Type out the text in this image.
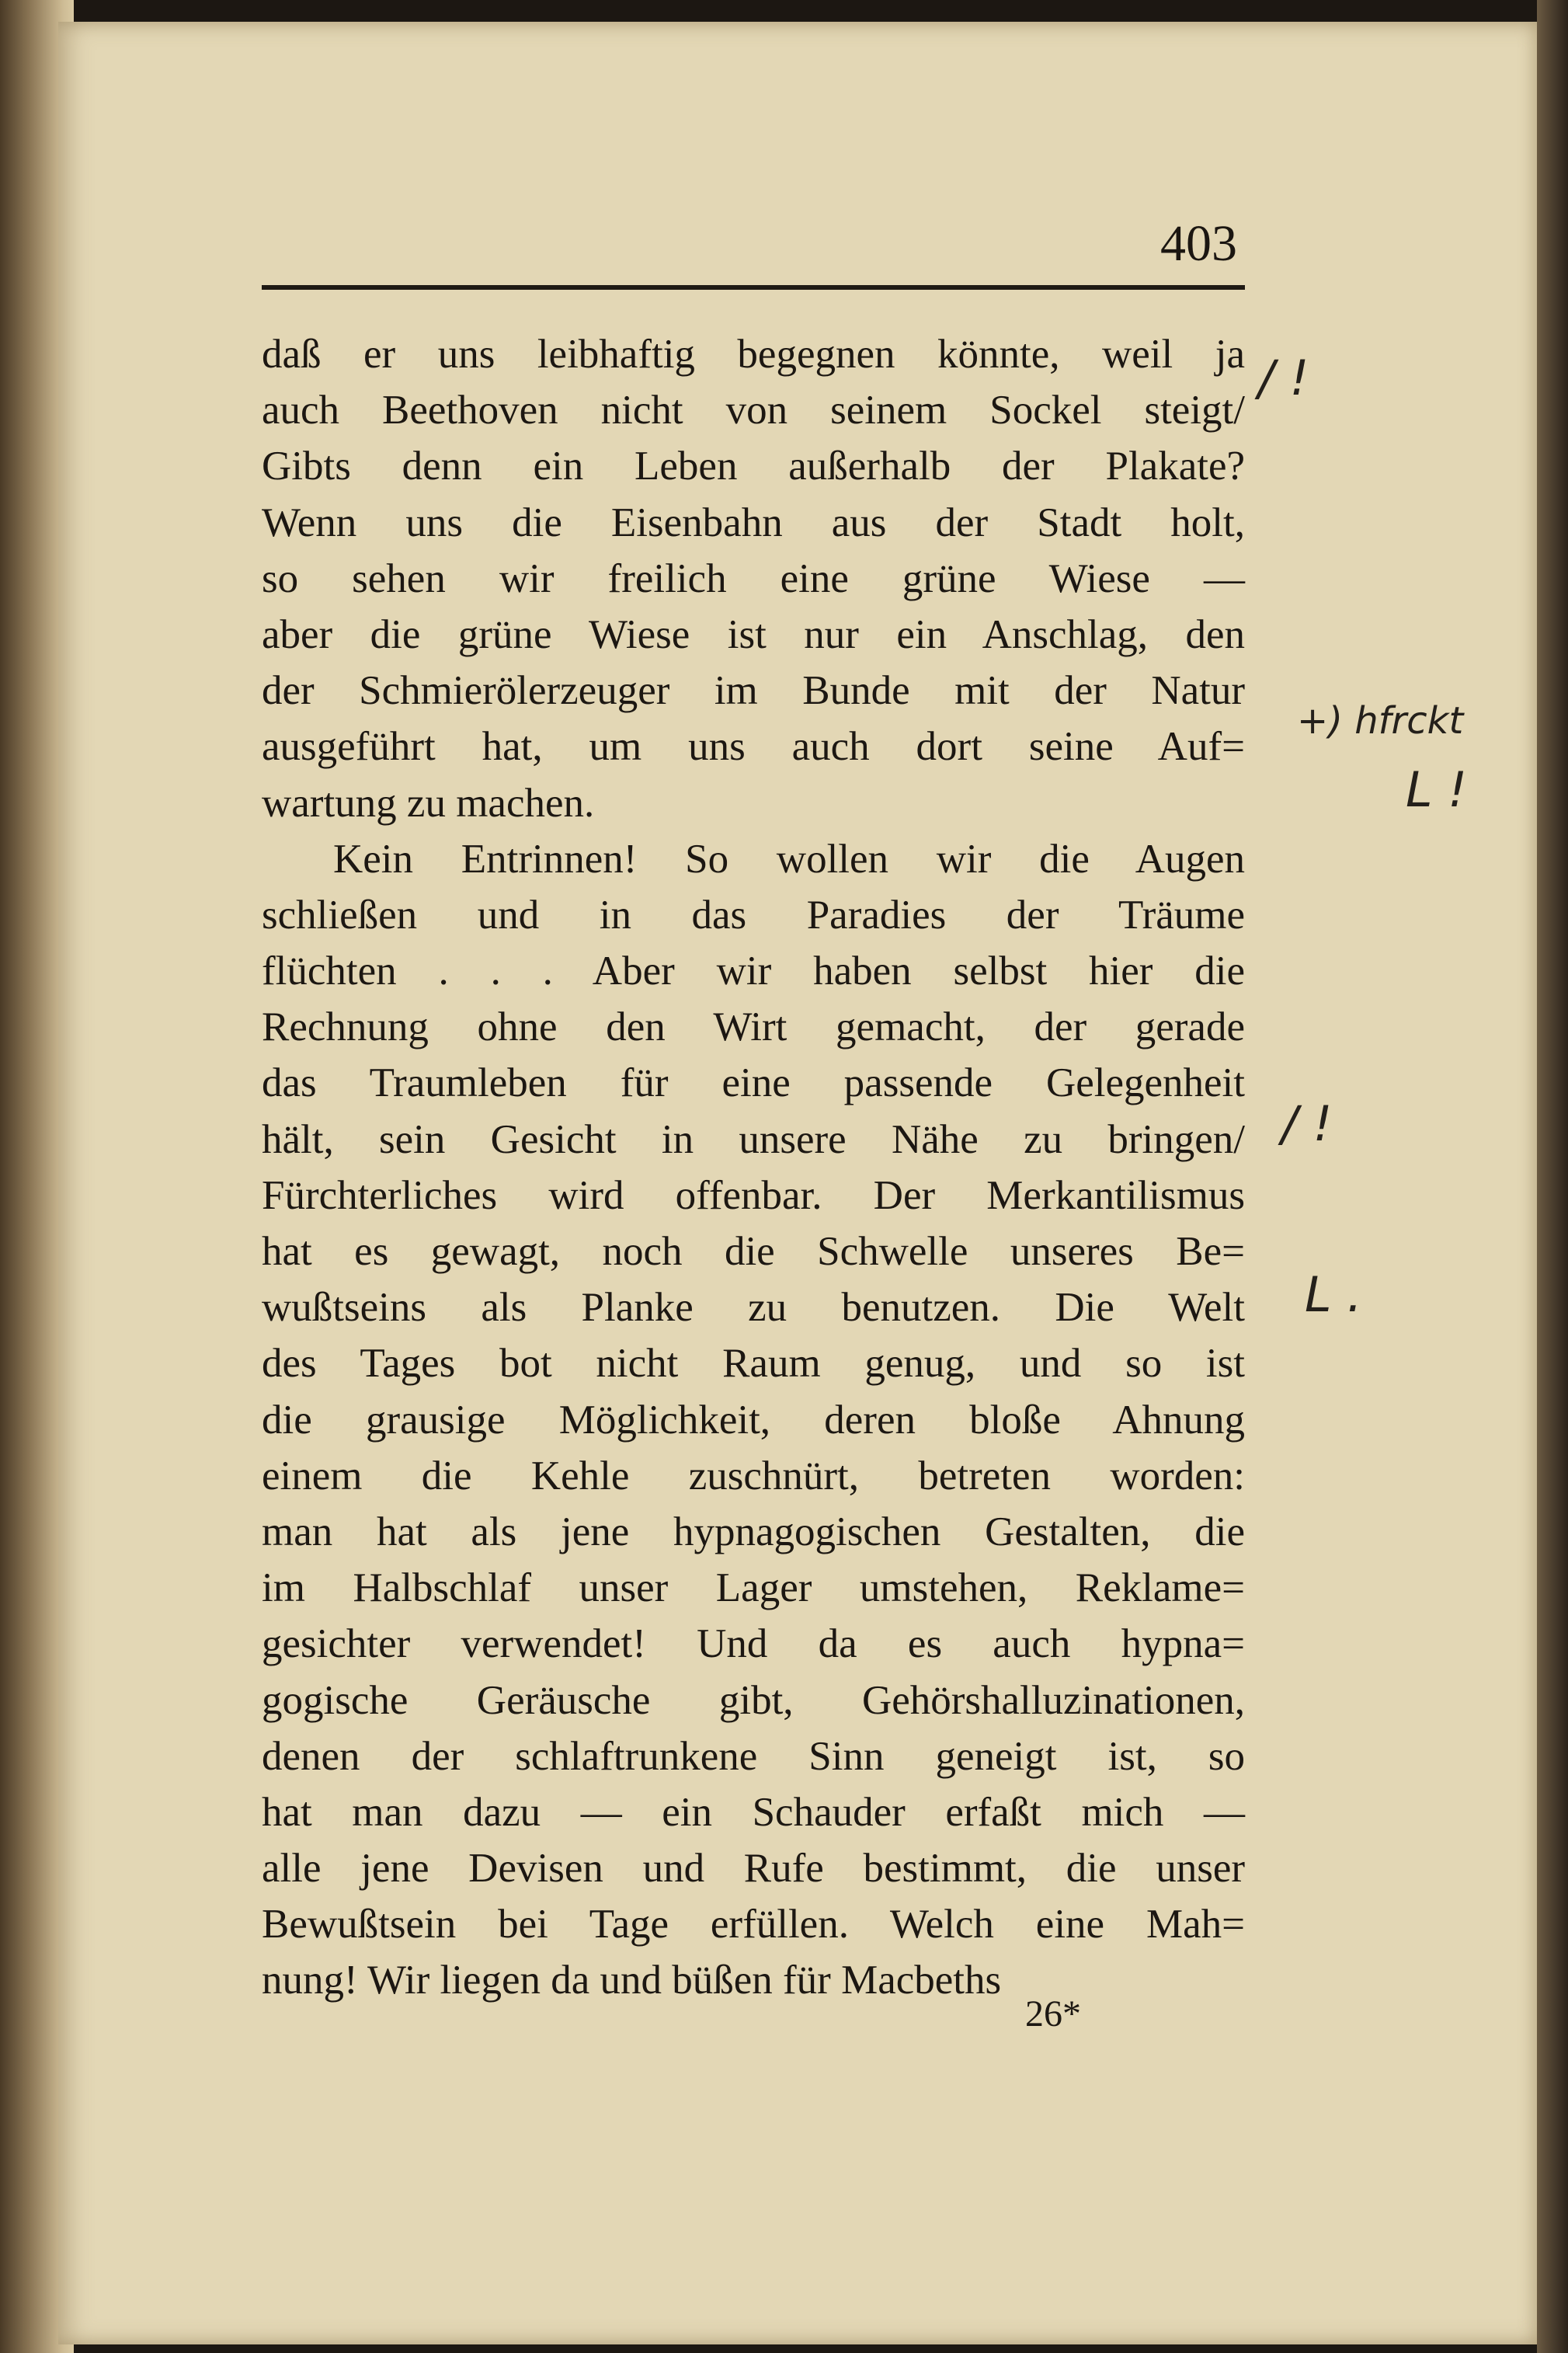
403
daß er uns leibhaftig begegnen könnte, weil ja
auch Beethoven nicht von seinem Sockel steigt/
Gibts denn ein Leben außerhalb der Plakate?
Wenn uns die Eisenbahn aus der Stadt holt,
so sehen wir freilich eine grüne Wiese —
aber die grüne Wiese ist nur ein Anschlag, den
der Schmierölerzeuger im Bunde mit der Natur
ausgeführt hat, um uns auch dort seine Auf=
wartung zu machen.
Kein Entrinnen! So wollen wir die Augen
schließen und in das Paradies der Träume
flüchten . . . Aber wir haben selbst hier die
Rechnung ohne den Wirt gemacht, der gerade
das Traumleben für eine passende Gelegenheit
hält, sein Gesicht in unsere Nähe zu bringen/
Fürchterliches wird offenbar. Der Merkantilismus
hat es gewagt, noch die Schwelle unseres Be=
wußtseins als Planke zu benutzen. Die Welt
des Tages bot nicht Raum genug, und so ist
die grausige Möglichkeit, deren bloße Ahnung
einem die Kehle zuschnürt, betreten worden:
man hat als jene hypnagogischen Gestalten, die
im Halbschlaf unser Lager umstehen, Reklame=
gesichter verwendet! Und da es auch hypna=
gogische Geräusche gibt, Gehörshalluzinationen,
denen der schlaftrunkene Sinn geneigt ist, so
hat man dazu — ein Schauder erfaßt mich —
alle jene Devisen und Rufe bestimmt, die unser
Bewußtsein bei Tage erfüllen. Welch eine Mah=
nung! Wir liegen da und büßen für Macbeths
/ !
+) hfrckt
L !
/ !
L .
26*
